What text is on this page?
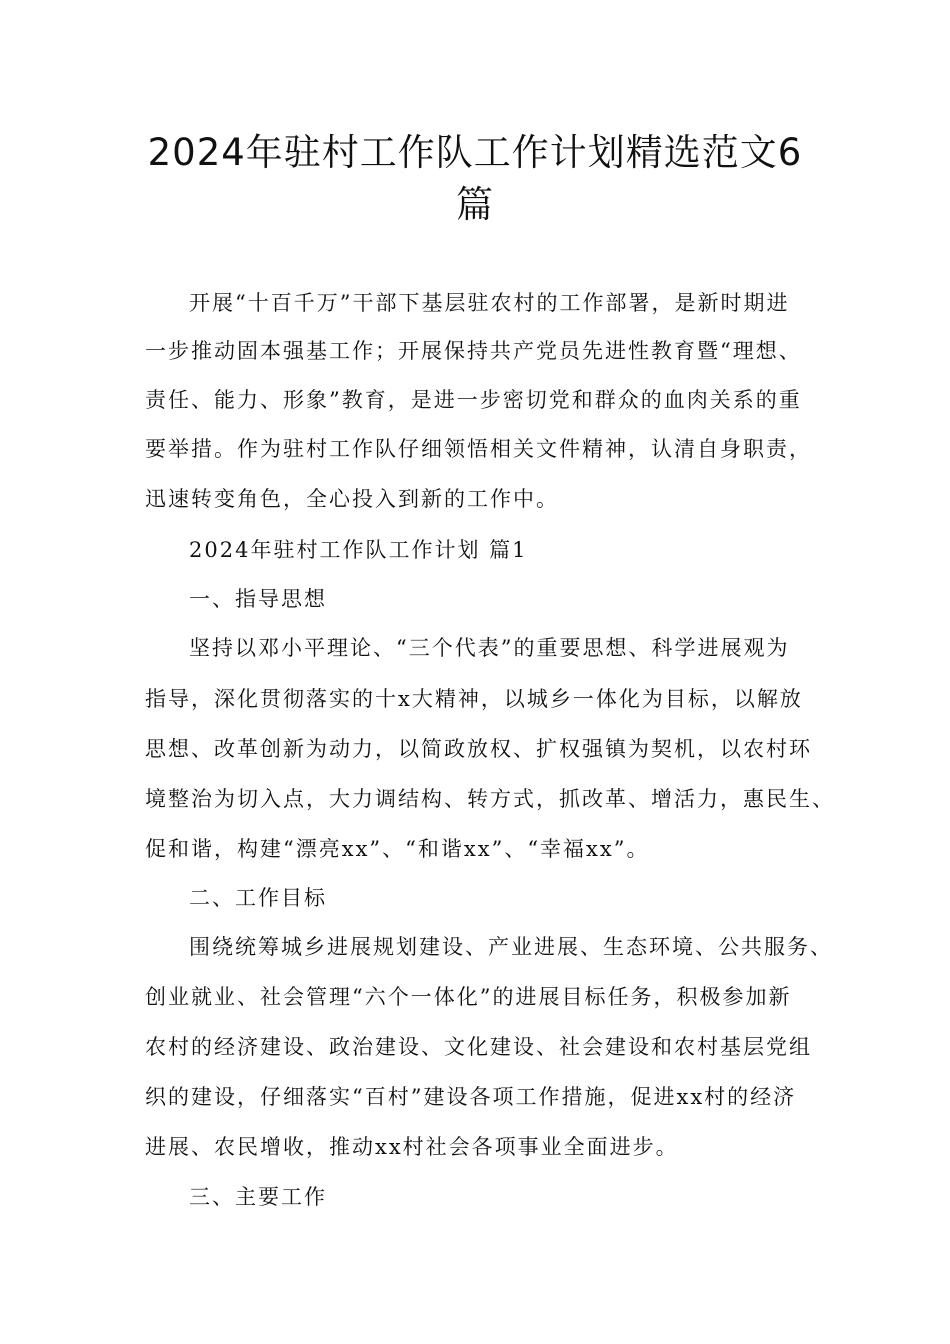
2024年驻村工作队工作计划精选范文6
篇
开展“十百千万”干部下基层驻农村的工作部署，是新时期进
一步推动固本强基工作；开展保持共产党员先进性教育暨“理想、
责任、能力、形象”教育，是进一步密切党和群众的血肉关系的重
要举措。作为驻村工作队仔细领悟相关文件精神，认清自身职责，
迅速转变角色，全心投入到新的工作中。
2024年驻村工作队工作计划 篇1
一、指导思想
坚持以邓小平理论、“三个代表”的重要思想、科学进展观为
指导，深化贯彻落实的十x大精神，以城乡一体化为目标，以解放
思想、改革创新为动力，以简政放权、扩权强镇为契机，以农村环
境整治为切入点，大力调结构、转方式，抓改革、增活力，惠民生、
促和谐，构建“漂亮xx”、“和谐xx”、“幸福xx”。
二、工作目标
围绕统筹城乡进展规划建设、产业进展、生态环境、公共服务、
创业就业、社会管理“六个一体化”的进展目标任务，积极参加新
农村的经济建设、政治建设、文化建设、社会建设和农村基层党组
织的建设，仔细落实“百村”建设各项工作措施，促进xx村的经济
进展、农民增收，推动xx村社会各项事业全面进步。
三、主要工作
